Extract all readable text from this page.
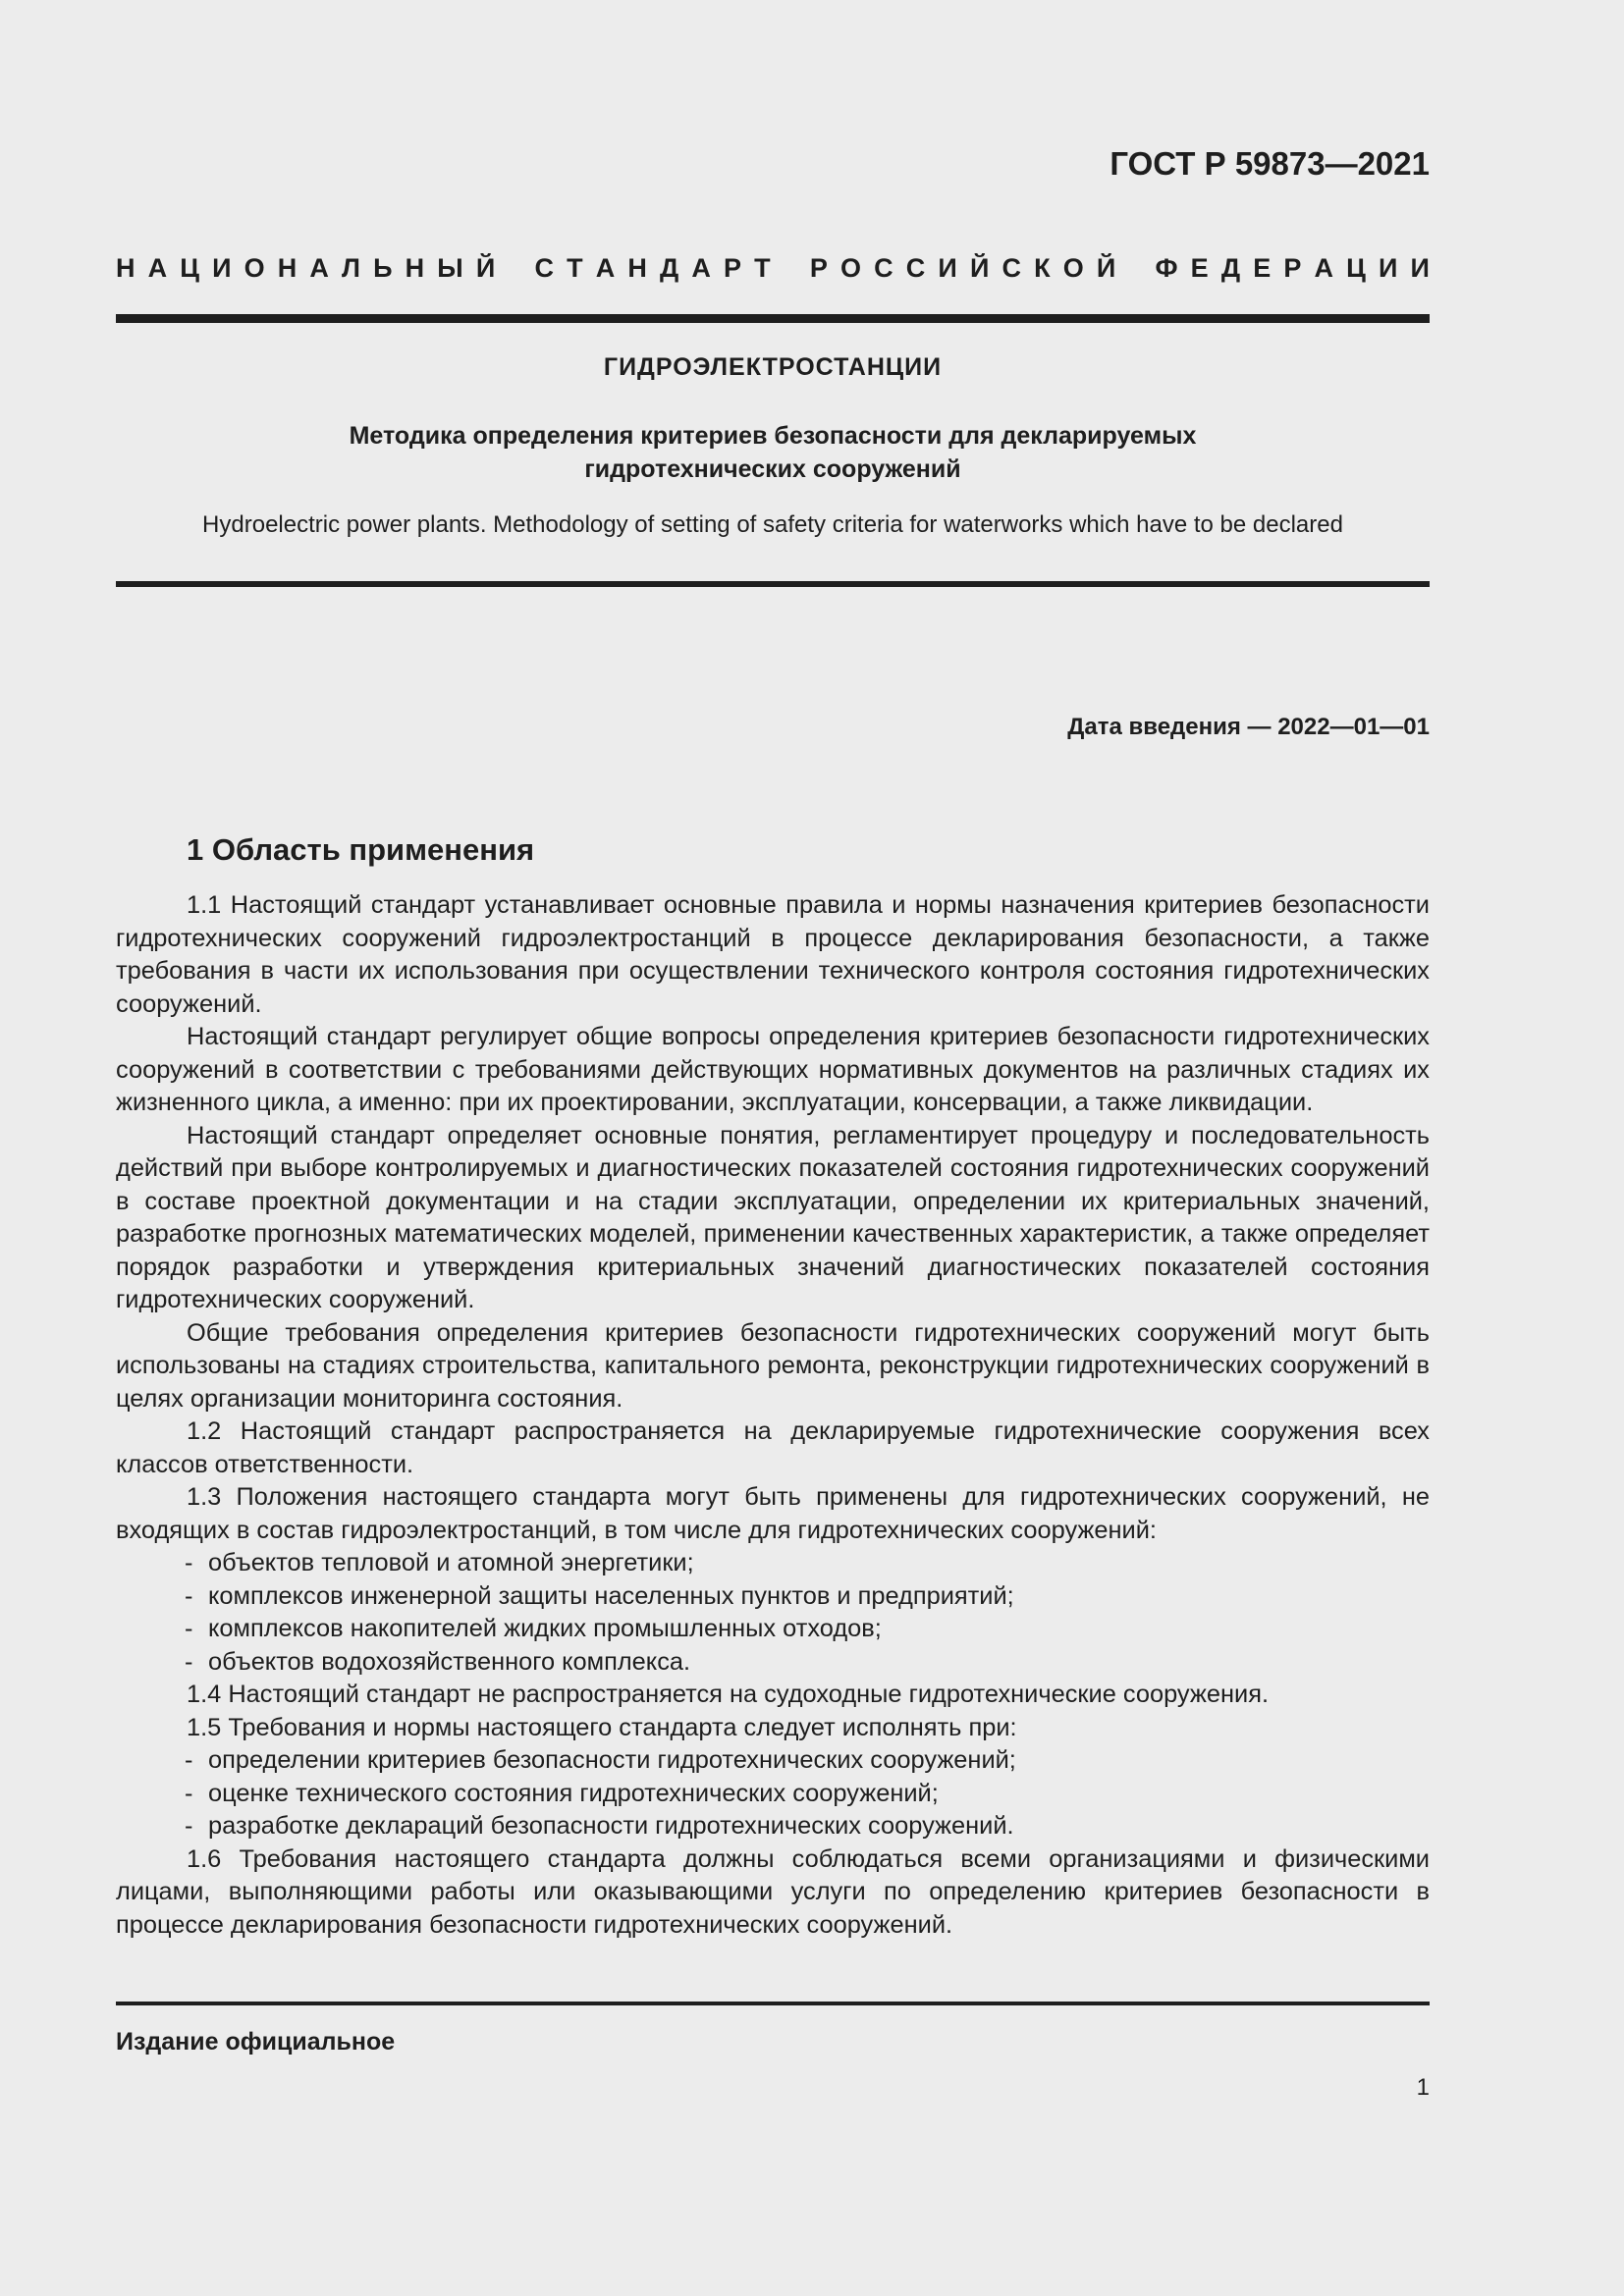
ГОСТ Р 59873—2021
Н А Ц И О Н А Л Ь Н Ы Й С Т А Н Д А Р Т Р О С С И Й С К О Й Ф Е Д Е Р А Ц И И
ГИДРОЭЛЕКТРОСТАНЦИИ
Методика определения критериев безопасности для декларируемых
гидротехнических сооружений
Hydroelectric power plants. Methodology of setting of safety criteria for waterworks which have to be declared
Дата введения — 2022—01—01
1 Область применения

1.1 Настоящий стандарт устанавливает основные правила и нормы назначения критериев безопасности гидротехнических сооружений гидроэлектростанций в процессе декларирования безопасности, а также требования в части их использования при осуществлении технического контроля состояния гидротехнических сооружений.

Настоящий стандарт регулирует общие вопросы определения критериев безопасности гидротехнических сооружений в соответствии с требованиями действующих нормативных документов на различных стадиях их жизненного цикла, а именно: при их проектировании, эксплуатации, консервации, а также ликвидации.

Настоящий стандарт определяет основные понятия, регламентирует процедуру и последовательность действий при выборе контролируемых и диагностических показателей состояния гидротехнических сооружений в составе проектной документации и на стадии эксплуатации, определении их критериальных значений, разработке прогнозных математических моделей, применении качественных характеристик, а также определяет порядок разработки и утверждения критериальных значений диагностических показателей состояния гидротехнических сооружений.

Общие требования определения критериев безопасности гидротехнических сооружений могут быть использованы на стадиях строительства, капитального ремонта, реконструкции гидротехнических сооружений в целях организации мониторинга состояния.

1.2 Настоящий стандарт распространяется на декларируемые гидротехнические сооружения всех классов ответственности.

1.3 Положения настоящего стандарта могут быть применены для гидротехнических сооружений, не входящих в состав гидроэлектростанций, в том числе для гидротехнических сооружений:

- объектов тепловой и атомной энергетики;

- комплексов инженерной защиты населенных пунктов и предприятий;

- комплексов накопителей жидких промышленных отходов;

- объектов водохозяйственного комплекса.

1.4 Настоящий стандарт не распространяется на судоходные гидротехнические сооружения.

1.5 Требования и нормы настоящего стандарта следует исполнять при:

- определении критериев безопасности гидротехнических сооружений;

- оценке технического состояния гидротехнических сооружений;

- разработке деклараций безопасности гидротехнических сооружений.

1.6 Требования настоящего стандарта должны соблюдаться всеми организациями и физическими лицами, выполняющими работы или оказывающими услуги по определению критериев безопасности в процессе декларирования безопасности гидротехнических сооружений.

Издание официальное
1
